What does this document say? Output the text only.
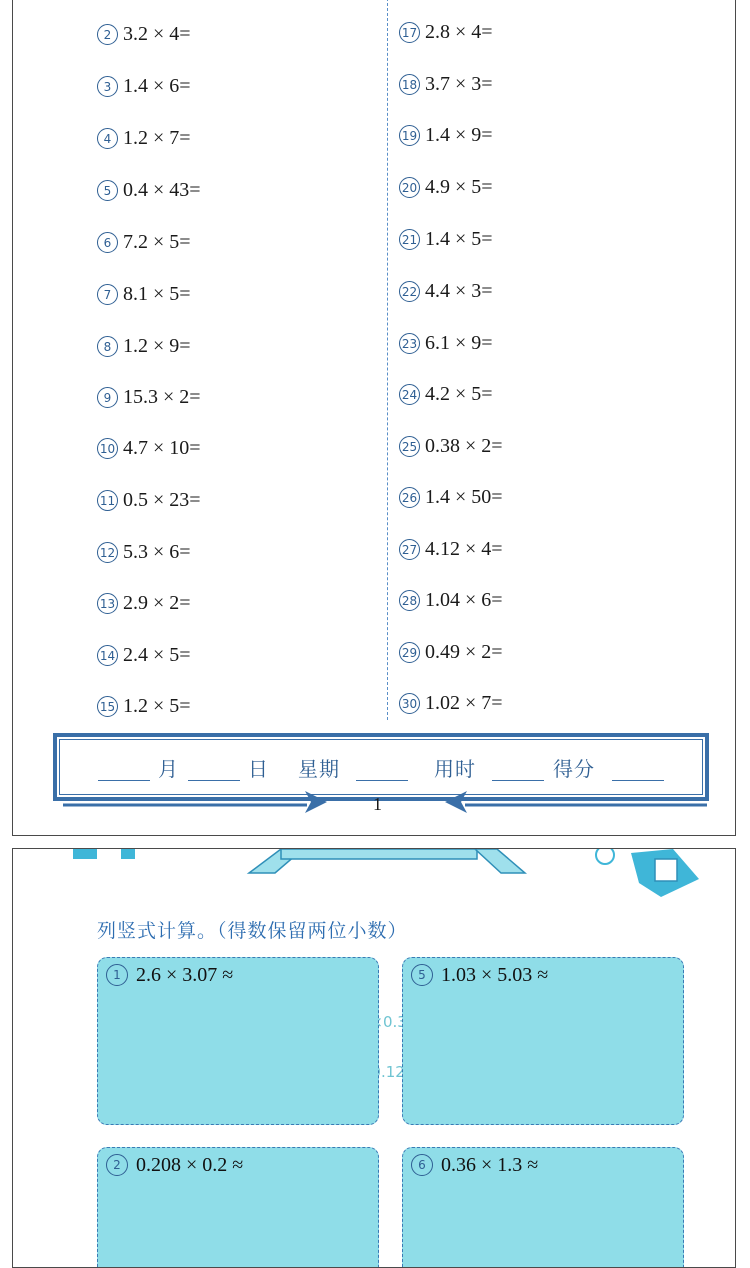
2 3.2 × 4=
3 1.4 × 6=
4 1.2 × 7=
5 0.4 × 43=
6 7.2 × 5=
7 8.1 × 5=
8 1.2 × 9=
9 15.3 × 2=
10 4.7 × 10=
11 0.5 × 23=
12 5.3 × 6=
13 2.9 × 2=
14 2.4 × 5=
15 1.2 × 5=
17 2.8 × 4=
18 3.7 × 3=
19 1.4 × 9=
20 4.9 × 5=
21 1.4 × 5=
22 4.4 × 3=
23 6.1 × 9=
24 4.2 × 5=
25 0.38 × 2=
26 1.4 × 50=
27 4.12 × 4=
28 1.04 × 6=
29 0.49 × 2=
30 1.02 × 7=
月	日 星期	用时	得分
1
列竖式计算。（得数保留两位小数）
1 2.6 × 3.07 ≈	5 1.03 × 5.03 ≈
2 0.208 × 0.2 ≈	6 0.36 × 1.3 ≈
